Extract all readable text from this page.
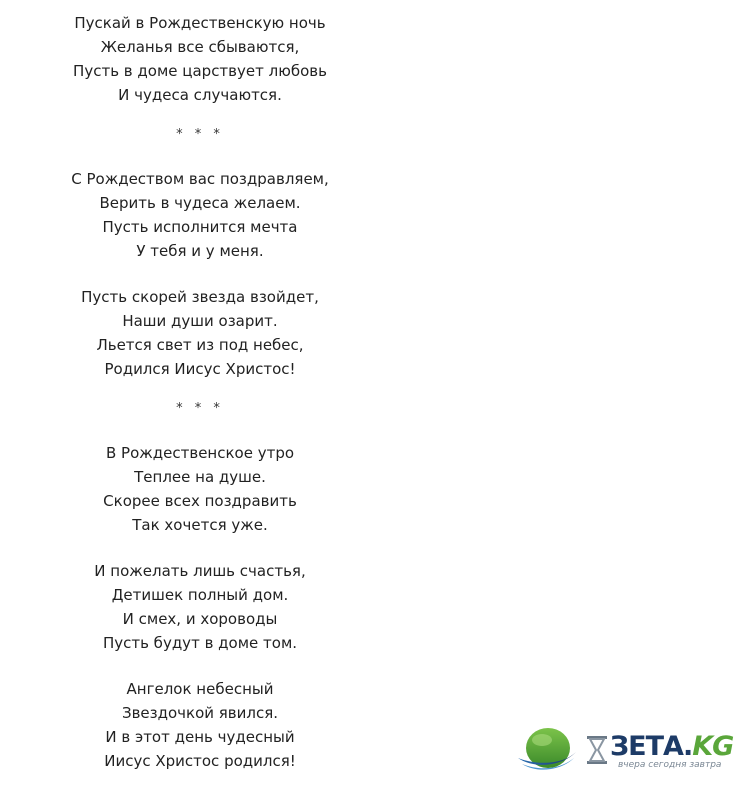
Пускай в Рождественскую ночь
Желанья все сбываются,
Пусть в доме царствует любовь
И чудеса случаются.
* * *
С Рождеством вас поздравляем,
Верить в чудеса желаем.
Пусть исполнится мечта
У тебя и у меня.
Пусть скорей звезда взойдет,
Наши души озарит.
Льется свет из под небес,
Родился Иисус Христос!
* * *
В Рождественское утро
Теплее на душе.
Скорее всех поздравить
Так хочется уже.
И пожелать лишь счастья,
Детишек полный дом.
И смех, и хороводы
Пусть будут в доме том.
Ангелок небесный
Звездочкой явился.
И в этот день чудесный
Иисус Христос родился!	ЗЕТА.KG
вчера сегодня завтра
